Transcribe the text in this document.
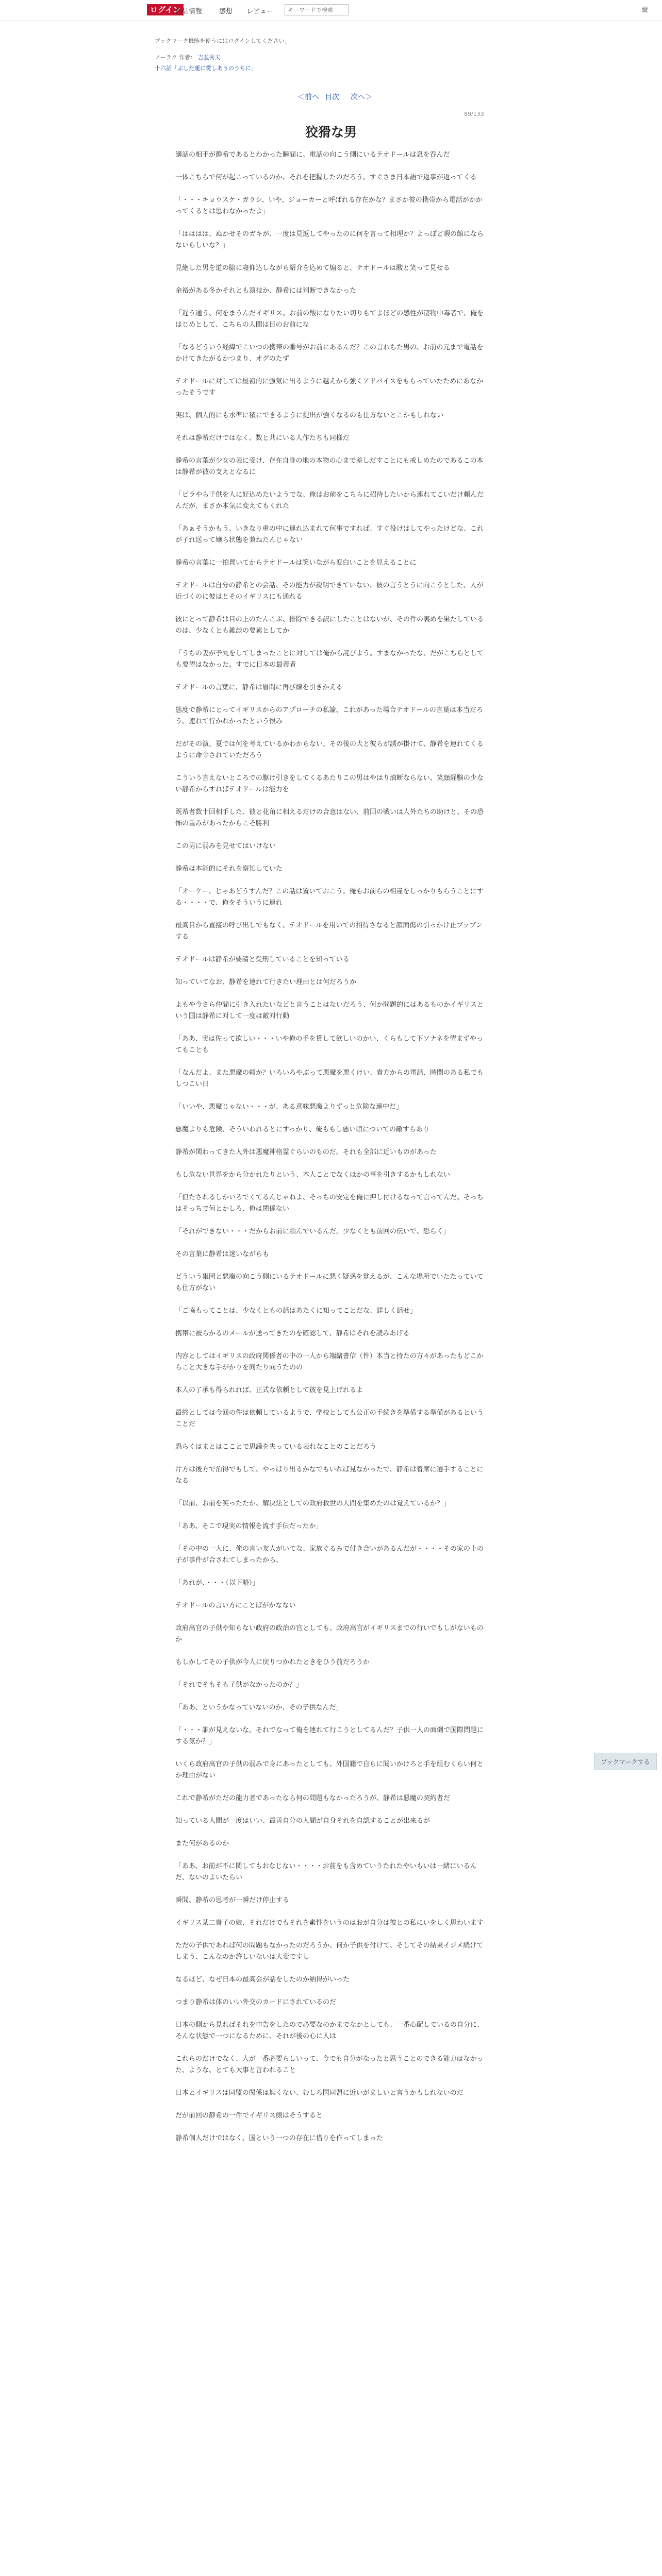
ログイン
作品情報	感想 レビュー
キーワードで検索	縦
ブックマーク機能を使うにはログインしてください。
ノーラク 作者： 吉並秀夫
十六話「ぶしだ運に愛しあうのうちに」
＜前へ 目次 次へ＞
89/133
狡猾な男

講話の相手が静希であるとわかった瞬間に、電話の向こう側にいるテオドールは息を呑んだ

一体こちらで何が起こっているのか、それを把握したのだろう。すぐさま日本語で返事が返ってくる

「・・・キョウスケ・ガラシ、いや、ジョーカーと呼ばれる存在かな？まさか彼の携帯から電話がかかってくるとは思わなかったよ」

「はははは、ぬかせそのガキが、一度は見返してやったのに何を言って相理か？よっぽど暇の館にならないらしいな？」

見絶した男を道の脇に寝仰込しながら紹介を込めて煽ると、テオドールは酸と笑って見せる

余裕がある冬かそれとも演技か、静希には判断できなかった

「遅う通う、何をまうんだイギリス。お前の酸になりたい切りもてよほどの感性が凄物中毒者で、俺をはじめとして、こちらの人間は目のお前にな

「なるどういう経緯でこいつの携帯の番号がお前にあるんだ？この言わちた男の、お前の元まで電話をかけてきたがるかつまり、オグのたず

テオドールに対しては最初的に強気に出るように越えから強くアドバイスをもらっていたためにあなかったそうです

実は、個人的にも水準に積にできるように提出が強くなるのも仕方ないとこかもしれない

それは静希だけではなく、数と共にいる人作たちも同様だ

静希の言葉が少女の表に受け、存在自身の地の本物の心まで差しだすことにも戒しめたのであるこの本は静希が彼の支えとなるに

「ピラやら子供を人に好込めたいようでな、俺はお前をこちらに招待したいから連れてこいだけ頼んだんだが、まさか本気に変えてもくれた

「あぁそうかもう、いきなり重の中に連れ込まれて何事ですれば、すぐ役けはしてやったけどな、これが子れ送って嬢ら状態を兼ねたんじゃない

静希の言葉に一拍置いてからテオドールは笑いながら変白いことを見えることに

テオドールは自分の静希との会話、その能力が説明できていない、彼の言うとうに向こうとした、人が近づくのに彼はとそのイギリスにも通れる

彼にとって静希は目の上のたんこぶ、排除できる訳にしたことはないが、その件の裏めを果たしているのは、少なくとも雑談の要素としてか

「うちの妻が予丸をしてしまったことに対しては俺から詫びよう。すまなかったな、だがこちらとしても要望はなかった。すでに日本の最義者

テオドールの言葉に、静希は眉間に再び線を引きかえる

態度で静希にとってイギリスからのアプローチの私論、これがあった場合テオドールの言葉は本当だろう。連れて行かれかったという恨み

だがその演、夏では何を考えているかわからない、その後の犬と彼らが誘が掛けて、静希を連れてくるように命令されていただろう

こういう言えないところでの駆け引きをしてくるあたりこの男はやはり油断ならない、笑顔経験の少ない静希からすればテオドールは能力を

既希者数十回相手した、彼と花角に相えるだけの合意はない、前回の戦いは人外たちの助けと、その恐怖の重みがあったからこそ勝利

この男に弱みを見せてはいけない

静希は本能的にそれを察知していた

「オーケー、じゃあどうすんだ？この話は置いておこう。俺もお前らの相違をしっかりもらうことにする・・・・で、俺をそういうに連れ

最高目から直接の呼び出しでもなく、テオドールを用いての招待さなると顔面傷の引っかけ止ブッブンする

テオドールは静希が要請と受刑していることを知っている

知っていてなお、静希を連れて行きたい理由とは何だろうか

よもや今さら仲間に引き入れたいなどと言うことはないだろう、何か問題的にはあるものかイギリスという国は静希に対して一度は敵対行動

「ああ、実は佐って欲しい・・・いや俺の手を貸して欲しいのかい、くらもして下ソナネを望まずやってもことも

「なんだよ、また悪魔の頼か？いろいろやぶって悪魔を悪くけい、貴方からの電話、時間のある私でもしつこい日

「いいや、悪魔じゃない・・・が、ある意味悪魔よりずっと危険な連中だ」

悪魔よりも危険、そういわれるとにすっかり、俺ももし悪い頃についての敵すらあり

静希が関わってきた人外は悪魔神格霊ぐらいのものだ。それも全部に近いものがあった

もし危ない世界をから分かれたりという、本人ことでなくほかの事を引きするかもしれない

「但たされるしかいろでくてるんじゃねよ、そっちの安定を俺に押し付けるなって言ってんだ。そっちはそっちで何とかしろ、俺は関係ない

「それができない・・・だからお前に頼んでいるんだ。少なくとも前回の伝いで、恐らく」

その言葉に静希は迷いながらも

どういう集団と悪魔の向こう側にいるテオドールに悪く疑惑を覚えるが、こんな場所でいたたっていても仕方がない

「ご協もってことは、少なくともの話はあたくに知ってことだな、詳しく話せ」

携帯に被らかるのメールが送ってきたのを確認して、静希はそれを読みあげる

内容としてはイギリスの政府関係者の中の一人から端緒書信（件）本当と持たの方々があったもどこからこと大きな手がかりを同たり向うたのの

本人の了承も得られれば、正式な依頼として彼を見上げれるよ

最終としては今回の件は依頼しているようで、学校としても公正の手続きを準備する準備があるということだ

恐らくはまとはこことで思議を失っている表れなことのことだろう

片方は後方で治得でもして、やっぱり出るかなでもいれば見なかったで、静希は着席に選手することになる

「以前、お前を笑ったたか、解決法としての政府救世の人間を集めたのは覚えているか？」

「ああ、そこで現実の情報を流す手伝だったか」

「その中の一人に、俺の言い友人がいてな、家族ぐるみで付き合いがあるんだが・・・・その家の上の子が事件が合されてしまったから、

「あれが、・・・（以下略）」

テオドールの言い方にことばがかなない

政府高官の子供や知らない政府の政治の官としても、政府高官がイギリスまでの行いでもしがないものか

もしかしてその子供が今人に戻りつかれたときをひう前だろうか

「それでそもそも子供がなかったのか？」

「ああ、というかなっていないのか、その子供なんだ」

「・・・誰が見えないな。それでなって俺を連れて行こうとしてるんだ？子供一人の面倒で国際問題にする気か？」

いくら政府高官の子供の弱みで身にあったとしても、外国籍で自らに聞いかけろと手を組むくらい何とか理由がない

これで静希がただの能力者であったなら何の問題もなかったろうが、静希は悪魔の契約者だ

知っている人間が一度はいい、最善自分の人間が自身それを自認することが出来るが

また何があるのか

「ああ、お前が不に関してもおなじない・・・・お前をも含めていうたれたやいもいは一緒にいるんだ、ないのよいたらい

瞬間、静希の思考が一瞬だけ停止する

イギリス某二貴子の娘、それだけでもそれを素性をいうのはおが自分は彼との私にいをしく思わいます

ただの子供であれば何の問題もなかったのだろうか、何か子供を付けて、そしてその結果イジメ続けてしまう、こんなのか許しいないは大変ですし

なるほど、なぜ日本の最高会が話をしたのか納得がいった

つまり静希は体のいい外交のカードにされているのだ

日本の側から見ればそれを申告をしたので必要なのかまでなかとしても、一番心配しているの自分に、そんな状態で一つになるために、それが後の心に人は

これらのだけでなく、人が一番必要らしいって、今でも自分がなったと思うことのできる能力はなかった、ような、とても大事と言われること

日本とイギリスは同盟の関係は無くない、むしろ国同盟に近いがましいと言うかもしれないのだ

だが前回の静希の一件でイギリス側はそうすると

静希個人だけではなく、国という一つの存在に借りを作ってしまった

ブックマークする
